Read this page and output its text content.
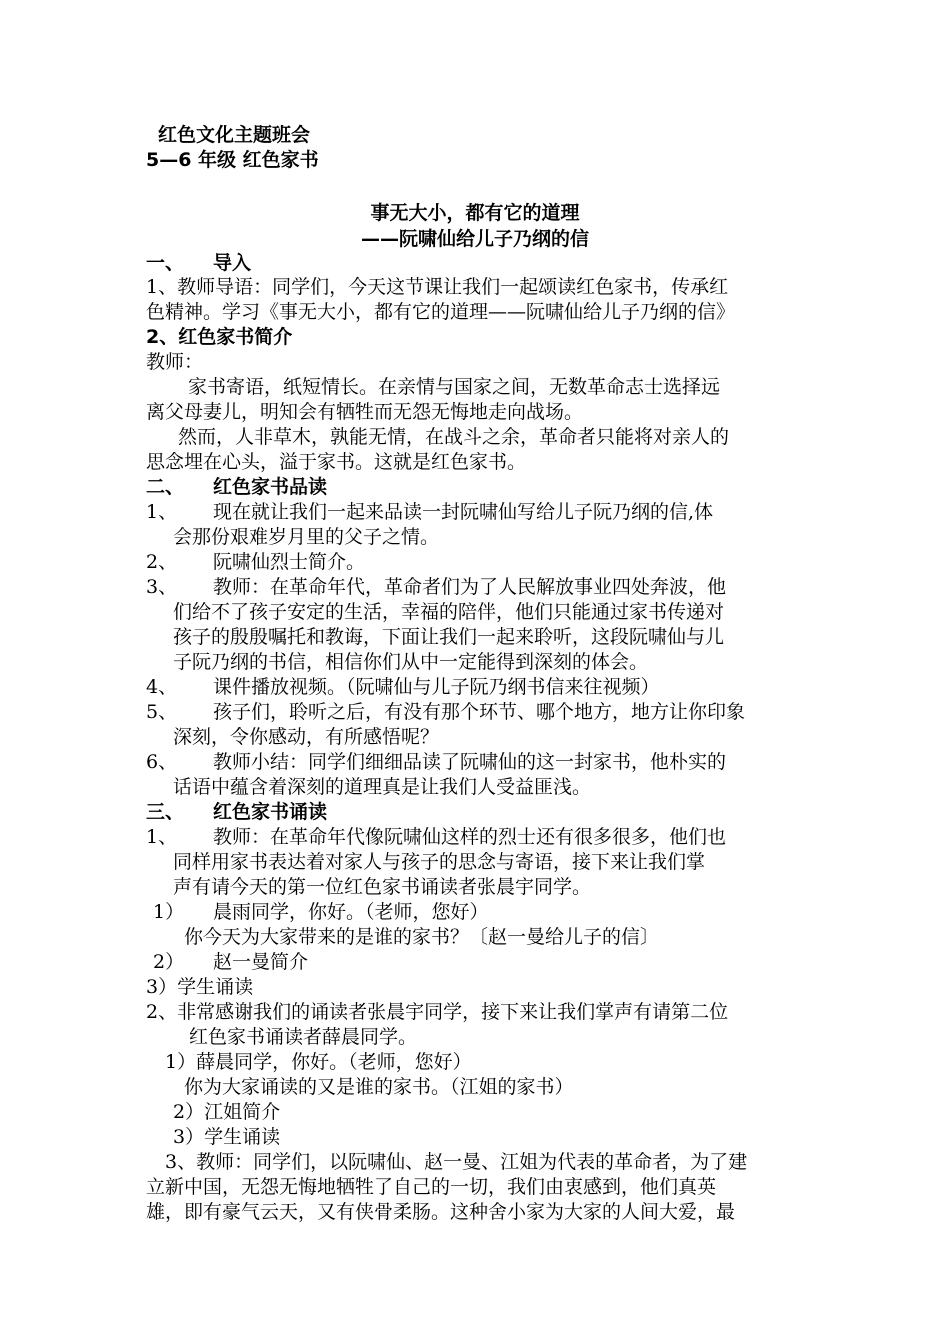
红色文化主题班会
5—6 年级 红色家书
事无大小，都有它的道理
——阮啸仙给儿子乃纲的信
一、 导入
1、教师导语：同学们，今天这节课让我们一起颂读红色家书，传承红
色精神。学习《事无大小，都有它的道理——阮啸仙给儿子乃纲的信》
2、红色家书简介
教师：
家书寄语，纸短情长。在亲情与国家之间，无数革命志士选择远
离父母妻儿，明知会有牺牲而无怨无悔地走向战场。
然而，人非草木，孰能无情，在战斗之余，革命者只能将对亲人的
思念埋在心头，溢于家书。这就是红色家书。
二、 红色家书品读
1、 现在就让我们一起来品读一封阮啸仙写给儿子阮乃纲的信,体
会那份艰难岁月里的父子之情。
2、 阮啸仙烈士简介。
3、 教师：在革命年代，革命者们为了人民解放事业四处奔波，他
们给不了孩子安定的生活，幸福的陪伴，他们只能通过家书传递对
孩子的殷殷嘱托和教诲，下面让我们一起来聆听，这段阮啸仙与儿
子阮乃纲的书信，相信你们从中一定能得到深刻的体会。
4、 课件播放视频。（阮啸仙与儿子阮乃纲书信来往视频）
5、 孩子们，聆听之后，有没有那个环节、哪个地方，地方让你印象
深刻，令你感动，有所感悟呢？
6、 教师小结：同学们细细品读了阮啸仙的这一封家书，他朴实的
话语中蕴含着深刻的道理真是让我们人受益匪浅。
三、 红色家书诵读
1、 教师：在革命年代像阮啸仙这样的烈士还有很多很多，他们也
同样用家书表达着对家人与孩子的思念与寄语，接下来让我们掌
声有请今天的第一位红色家书诵读者张晨宇同学。
1） 晨雨同学，你好。（老师，您好）
你今天为大家带来的是谁的家书？〔赵一曼给儿子的信〕
2） 赵一曼简介
3）学生诵读
2、非常感谢我们的诵读者张晨宇同学，接下来让我们掌声有请第二位
红色家书诵读者薛晨同学。
1）薛晨同学，你好。（老师，您好）
你为大家诵读的又是谁的家书。（江姐的家书）
2）江姐简介
3）学生诵读
3、教师：同学们，以阮啸仙、赵一曼、江姐为代表的革命者，为了建
立新中国，无怨无悔地牺牲了自己的一切，我们由衷感到，他们真英
雄，即有豪气云天，又有侠骨柔肠。这种舍小家为大家的人间大爱，最
